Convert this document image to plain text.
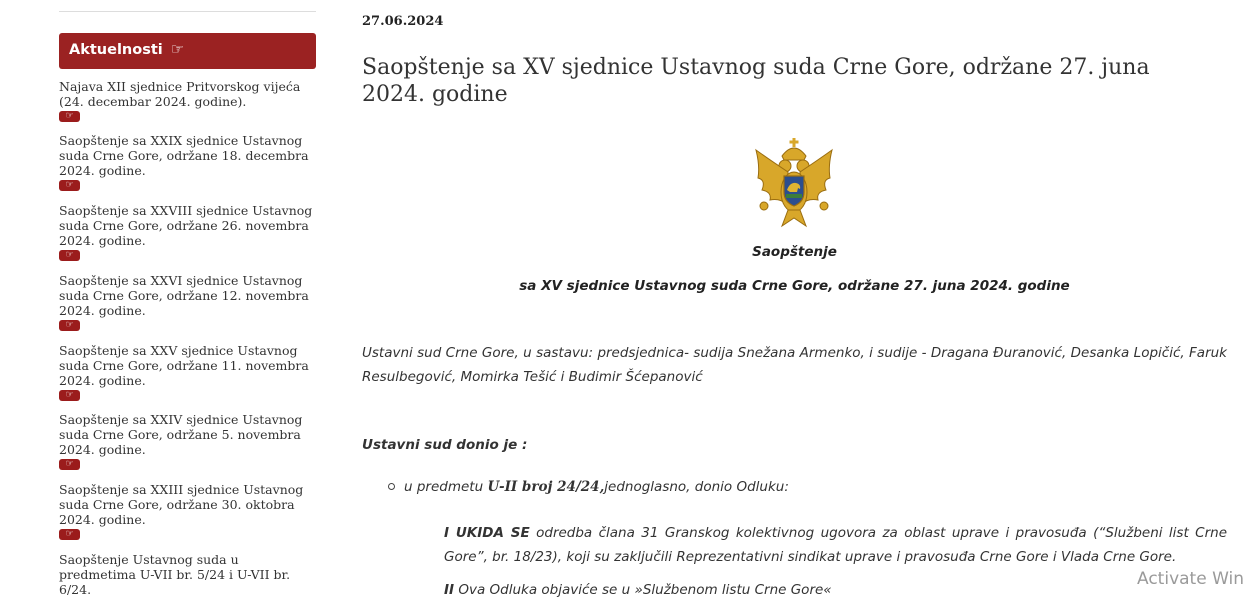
Aktuelnosti ☞
Najava XII sjednice Pritvorskog vijeća (24. decembar 2024. godine).
☞
Saopštenje sa XXIX sjednice Ustavnog suda Crne Gore, održane 18. decembra 2024. godine.
☞
Saopštenje sa XXVIII sjednice Ustavnog suda Crne Gore, održane 26. novembra 2024. godine.
☞
Saopštenje sa XXVI sjednice Ustavnog suda Crne Gore, održane 12. novembra 2024. godine.
☞
Saopštenje sa XXV sjednice Ustavnog suda Crne Gore, održane 11. novembra 2024. godine.
☞
Saopštenje sa XXIV sjednice Ustavnog suda Crne Gore, održane 5. novembra 2024. godine.
☞
Saopštenje sa XXIII sjednice Ustavnog suda Crne Gore, održane 30. oktobra 2024. godine.
☞
Saopštenje Ustavnog suda u predmetima U-VII br. 5/24 i U-VII br. 6/24.
27.06.2024
Saopštenje sa XV sjednice Ustavnog suda Crne Gore, održane 27. juna 2024. godine
Saopštenje
sa XV sjednice Ustavnog suda Crne Gore, održane 27. juna 2024. godine

Ustavni sud Crne Gore, u sastavu: predsjednica- sudija Snežana Armenko, i sudije - Dragana Đuranović, Desanka Lopičić, Faruk Resulbegović, Momirka Tešić i Budimir Šćepanović

Ustavni sud donio je :

u predmetu U-II broj 24/24,jednoglasno, donio Odluku:

I UKIDA SE odredba člana 31 Granskog kolektivnog ugovora za oblast uprave i pravosuđa (“Službeni list Crne Gore”, br. 18/23), koji su zaključili Reprezentativni sindikat uprave i pravosuđa Crne Gore i Vlada Crne Gore.

II Ova Odluka objaviće se u »Službenom listu Crne Gore«

Activate Win
